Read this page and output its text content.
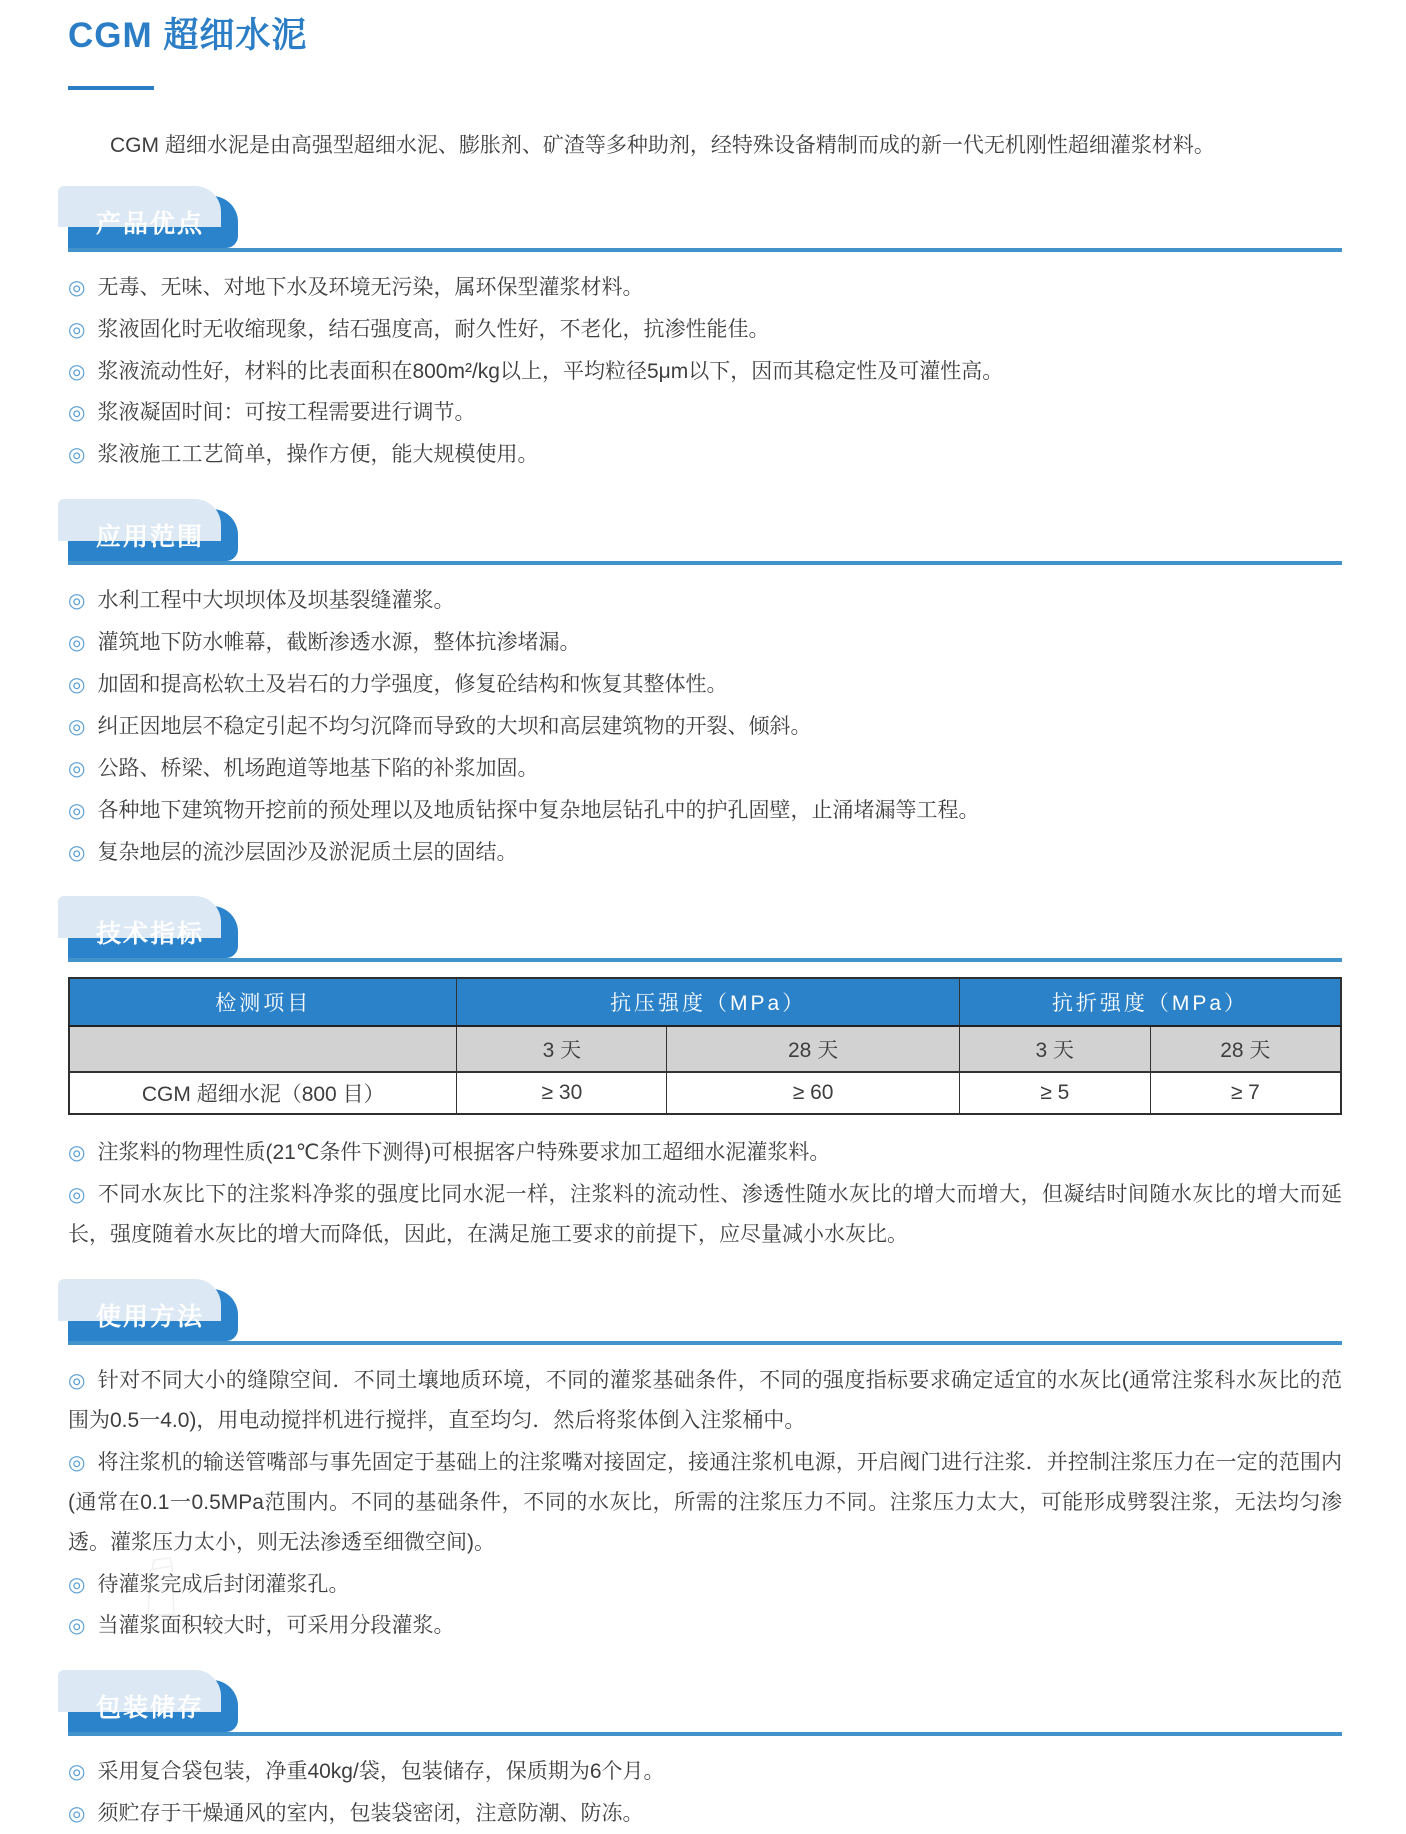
CGM 超细水泥

CGM 超细水泥是由高强型超细水泥、膨胀剂、矿渣等多种助剂，经特殊设备精制而成的新一代无机刚性超细灌浆材料。

产品优点

◎ 无毒、无味、对地下水及环境无污染，属环保型灌浆材料。

◎ 浆液固化时无收缩现象，结石强度高，耐久性好，不老化，抗渗性能佳。

◎ 浆液流动性好，材料的比表面积在800m²/kg以上，平均粒径5μm以下，因而其稳定性及可灌性高。

◎ 浆液凝固时间：可按工程需要进行调节。

◎ 浆液施工工艺简单，操作方便，能大规模使用。

应用范围

◎ 水利工程中大坝坝体及坝基裂缝灌浆。

◎ 灌筑地下防水帷幕，截断渗透水源，整体抗渗堵漏。

◎ 加固和提高松软土及岩石的力学强度，修复砼结构和恢复其整体性。

◎ 纠正因地层不稳定引起不均匀沉降而导致的大坝和高层建筑物的开裂、倾斜。

◎ 公路、桥梁、机场跑道等地基下陷的补浆加固。

◎ 各种地下建筑物开挖前的预处理以及地质钻探中复杂地层钻孔中的护孔固壁，止涌堵漏等工程。

◎ 复杂地层的流沙层固沙及淤泥质土层的固结。

技术指标
检测项目	抗压强度（MPa）		抗折强度（MPa）	
	3 天	28 天	3 天	28 天
CGM 超细水泥（800 目）	≥ 30	≥ 60	≥ 5	≥ 7

◎ 注浆料的物理性质(21℃条件下测得)可根据客户特殊要求加工超细水泥灌浆料。

◎ 不同水灰比下的注浆料净浆的强度比同水泥一样，注浆料的流动性、渗透性随水灰比的增大而增大，但凝结时间随水灰比的增大而延长，强度随着水灰比的增大而降低，因此，在满足施工要求的前提下，应尽量减小水灰比。

使用方法

◎ 针对不同大小的缝隙空间．不同土壤地质环境，不同的灌浆基础条件，不同的强度指标要求确定适宜的水灰比(通常注浆科水灰比的范围为0.5一4.0)，用电动搅拌机进行搅拌，直至均匀．然后将浆体倒入注浆桶中。

◎ 将注浆机的输送管嘴部与事先固定于基础上的注浆嘴对接固定，接通注浆机电源，开启阀门进行注浆．并控制注浆压力在一定的范围内(通常在0.1一0.5MPa范围内。不同的基础条件，不同的水灰比，所需的注浆压力不同。注浆压力太大，可能形成劈裂注浆，无法均匀渗透。灌浆压力太小，则无法渗透至细微空间)。

◎ 待灌浆完成后封闭灌浆孔。

◎ 当灌浆面积较大时，可采用分段灌浆。

包装储存

◎ 采用复合袋包装，净重40kg/袋，包装储存，保质期为6个月。

◎ 须贮存于干燥通风的室内，包装袋密闭，注意防潮、防冻。
